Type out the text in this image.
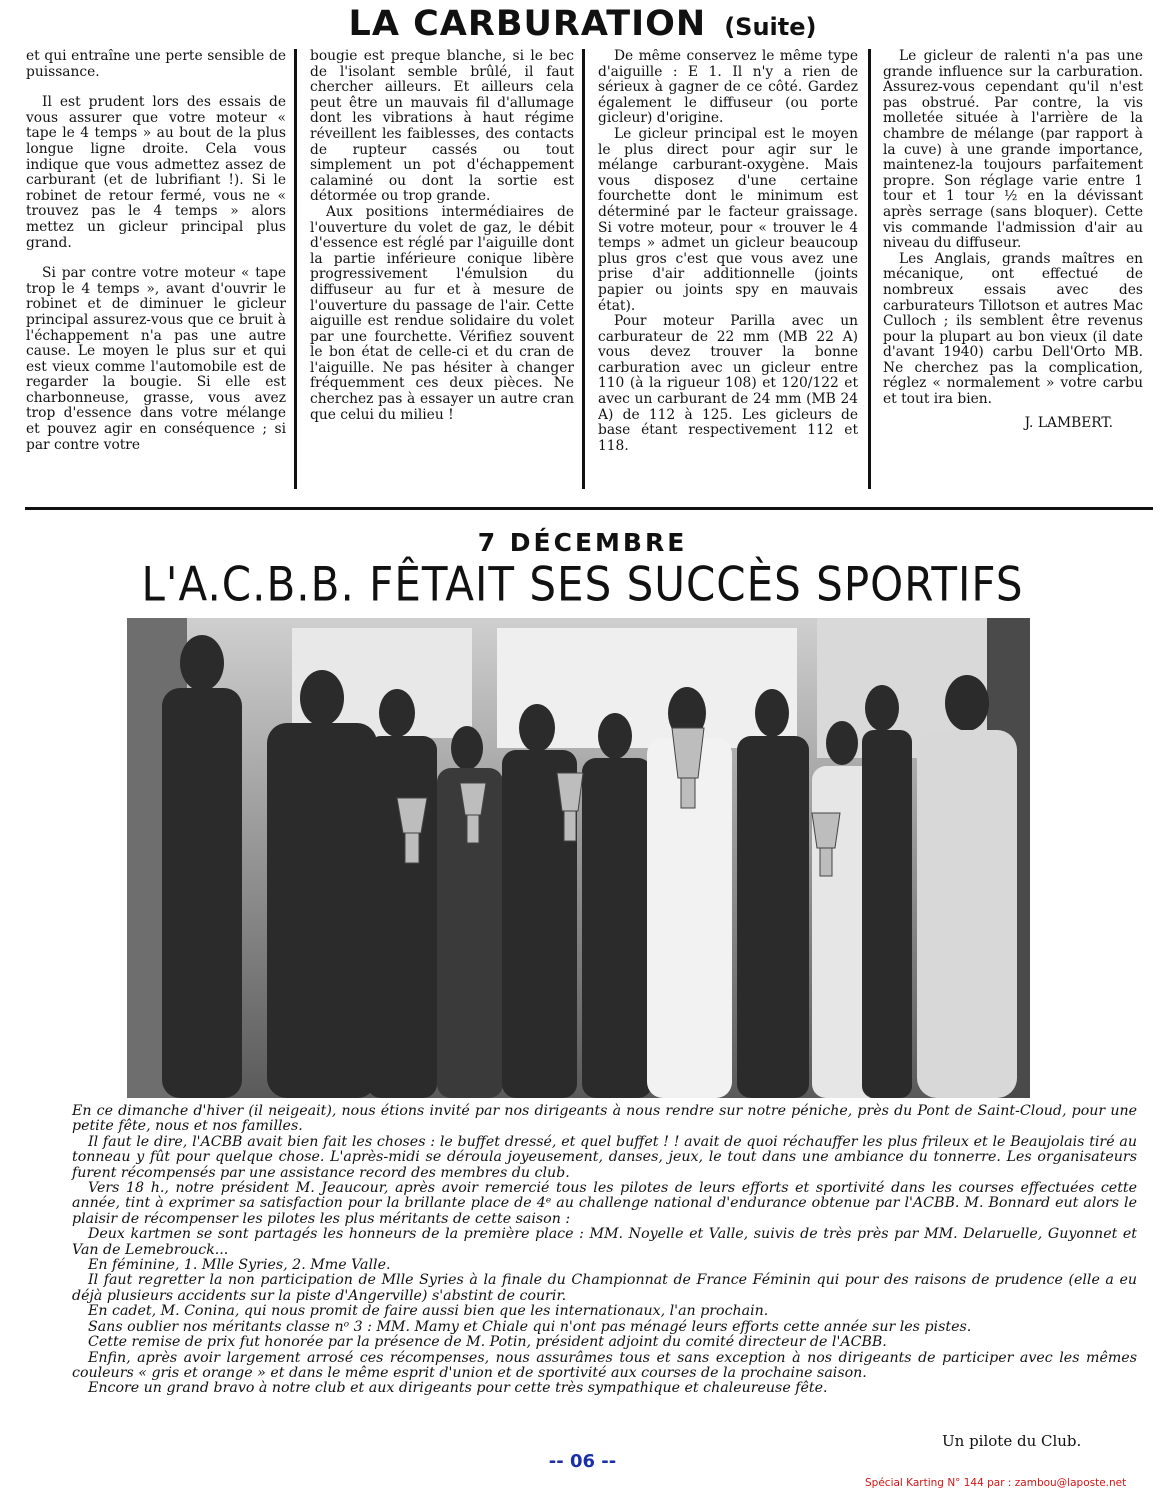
LA CARBURATION (Suite)

et qui entraîne une perte sensible de puissance.

Il est prudent lors des essais de vous assurer que votre moteur « tape le 4 temps » au bout de la plus longue ligne droite. Cela vous indique que vous admettez assez de carburant (et de lubrifiant !). Si le robinet de retour fermé, vous ne « trouvez pas le 4 temps » alors mettez un gicleur principal plus grand.

Si par contre votre moteur « tape trop le 4 temps », avant d'ouvrir le robinet et de diminuer le gicleur principal assurez-vous que ce bruit à l'échappement n'a pas une autre cause. Le moyen le plus sur et qui est vieux comme l'automobile est de regarder la bougie. Si elle est charbonneuse, grasse, vous avez trop d'essence dans votre mélange et pouvez agir en conséquence ; si par contre votre

bougie est preque blanche, si le bec de l'isolant semble brûlé, il faut chercher ailleurs. Et ailleurs cela peut être un mauvais fil d'allumage dont les vibrations à haut régime réveillent les faiblesses, des contacts de rupteur cassés ou tout simplement un pot d'échappement calaminé ou dont la sortie est détormée ou trop grande.

Aux positions intermédiaires de l'ouverture du volet de gaz, le débit d'essence est réglé par l'aiguille dont la partie inférieure conique libère progressivement l'émulsion du diffuseur au fur et à mesure de l'ouverture du passage de l'air. Cette aiguille est rendue solidaire du volet par une fourchette. Vérifiez souvent le bon état de celle-ci et du cran de l'aiguille. Ne pas hésiter à changer fréquemment ces deux pièces. Ne cherchez pas à essayer un autre cran que celui du milieu !

De même conservez le même type d'aiguille : E 1. Il n'y a rien de sérieux à gagner de ce côté. Gardez également le diffuseur (ou porte gicleur) d'origine.

Le gicleur principal est le moyen le plus direct pour agir sur le mélange carburant-oxygène. Mais vous disposez d'une certaine fourchette dont le minimum est déterminé par le facteur graissage. Si votre moteur, pour « trouver le 4 temps » admet un gicleur beaucoup plus gros c'est que vous avez une prise d'air additionnelle (joints papier ou joints spy en mauvais état).

Pour moteur Parilla avec un carburateur de 22 mm (MB 22 A) vous devez trouver la bonne carburation avec un gicleur entre 110 (à la rigueur 108) et 120/122 et avec un carburant de 24 mm (MB 24 A) de 112 à 125. Les gicleurs de base étant respectivement 112 et 118.

Le gicleur de ralenti n'a pas une grande influence sur la carburation. Assurez-vous cependant qu'il n'est pas obstrué. Par contre, la vis molletée située à l'arrière de la chambre de mélange (par rapport à la cuve) à une grande importance, maintenez-la toujours parfaitement propre. Son réglage varie entre 1 tour et 1 tour ½ en la dévissant après serrage (sans bloquer). Cette vis commande l'admission d'air au niveau du diffuseur.

Les Anglais, grands maîtres en mécanique, ont effectué de nombreux essais avec des carburateurs Tillotson et autres Mac Culloch ; ils semblent être revenus pour la plupart au bon vieux (il date d'avant 1940) carbu Dell'Orto MB. Ne cherchez pas la complication, réglez « normalement » votre carbu et tout ira bien.

J. LAMBERT.

7 DÉCEMBRE
L'A.C.B.B. FÊTAIT SES SUCCÈS SPORTIFS

En ce dimanche d'hiver (il neigeait), nous étions invité par nos dirigeants à nous rendre sur notre péniche, près du Pont de Saint-Cloud, pour une petite fête, nous et nos familles.

Il faut le dire, l'ACBB avait bien fait les choses : le buffet dressé, et quel buffet ! ! avait de quoi réchauffer les plus frileux et le Beaujolais tiré au tonneau y fût pour quelque chose. L'après-midi se déroula joyeusement, danses, jeux, le tout dans une ambiance du tonnerre. Les organisateurs furent récompensés par une assistance record des membres du club.

Vers 18 h., notre président M. Jeaucour, après avoir remercié tous les pilotes de leurs efforts et sportivité dans les courses effectuées cette année, tint à exprimer sa satisfaction pour la brillante place de 4ᵉ au challenge national d'endurance obtenue par l'ACBB. M. Bonnard eut alors le plaisir de récompenser les pilotes les plus méritants de cette saison :

Deux kartmen se sont partagés les honneurs de la première place : MM. Noyelle et Valle, suivis de très près par MM. Delaruelle, Guyonnet et Van de Lemebrouck...

En féminine, 1. Mlle Syries, 2. Mme Valle.

Il faut regretter la non participation de Mlle Syries à la finale du Championnat de France Féminin qui pour des raisons de prudence (elle a eu déjà plusieurs accidents sur la piste d'Angerville) s'abstint de courir.

En cadet, M. Conina, qui nous promit de faire aussi bien que les internationaux, l'an prochain.

Sans oublier nos méritants classe nᵒ 3 : MM. Mamy et Chiale qui n'ont pas ménagé leurs efforts cette année sur les pistes.

Cette remise de prix fut honorée par la présence de M. Potin, président adjoint du comité directeur de l'ACBB.

Enfin, après avoir largement arrosé ces récompenses, nous assurâmes tous et sans exception à nos dirigeants de participer avec les mêmes couleurs « gris et orange » et dans le même esprit d'union et de sportivité aux courses de la prochaine saison.

Encore un grand bravo à notre club et aux dirigeants pour cette très sympathique et chaleureuse fête.

Un pilote du Club.
-- 06 --
Spécial Karting N° 144 par : zambou@laposte.net
